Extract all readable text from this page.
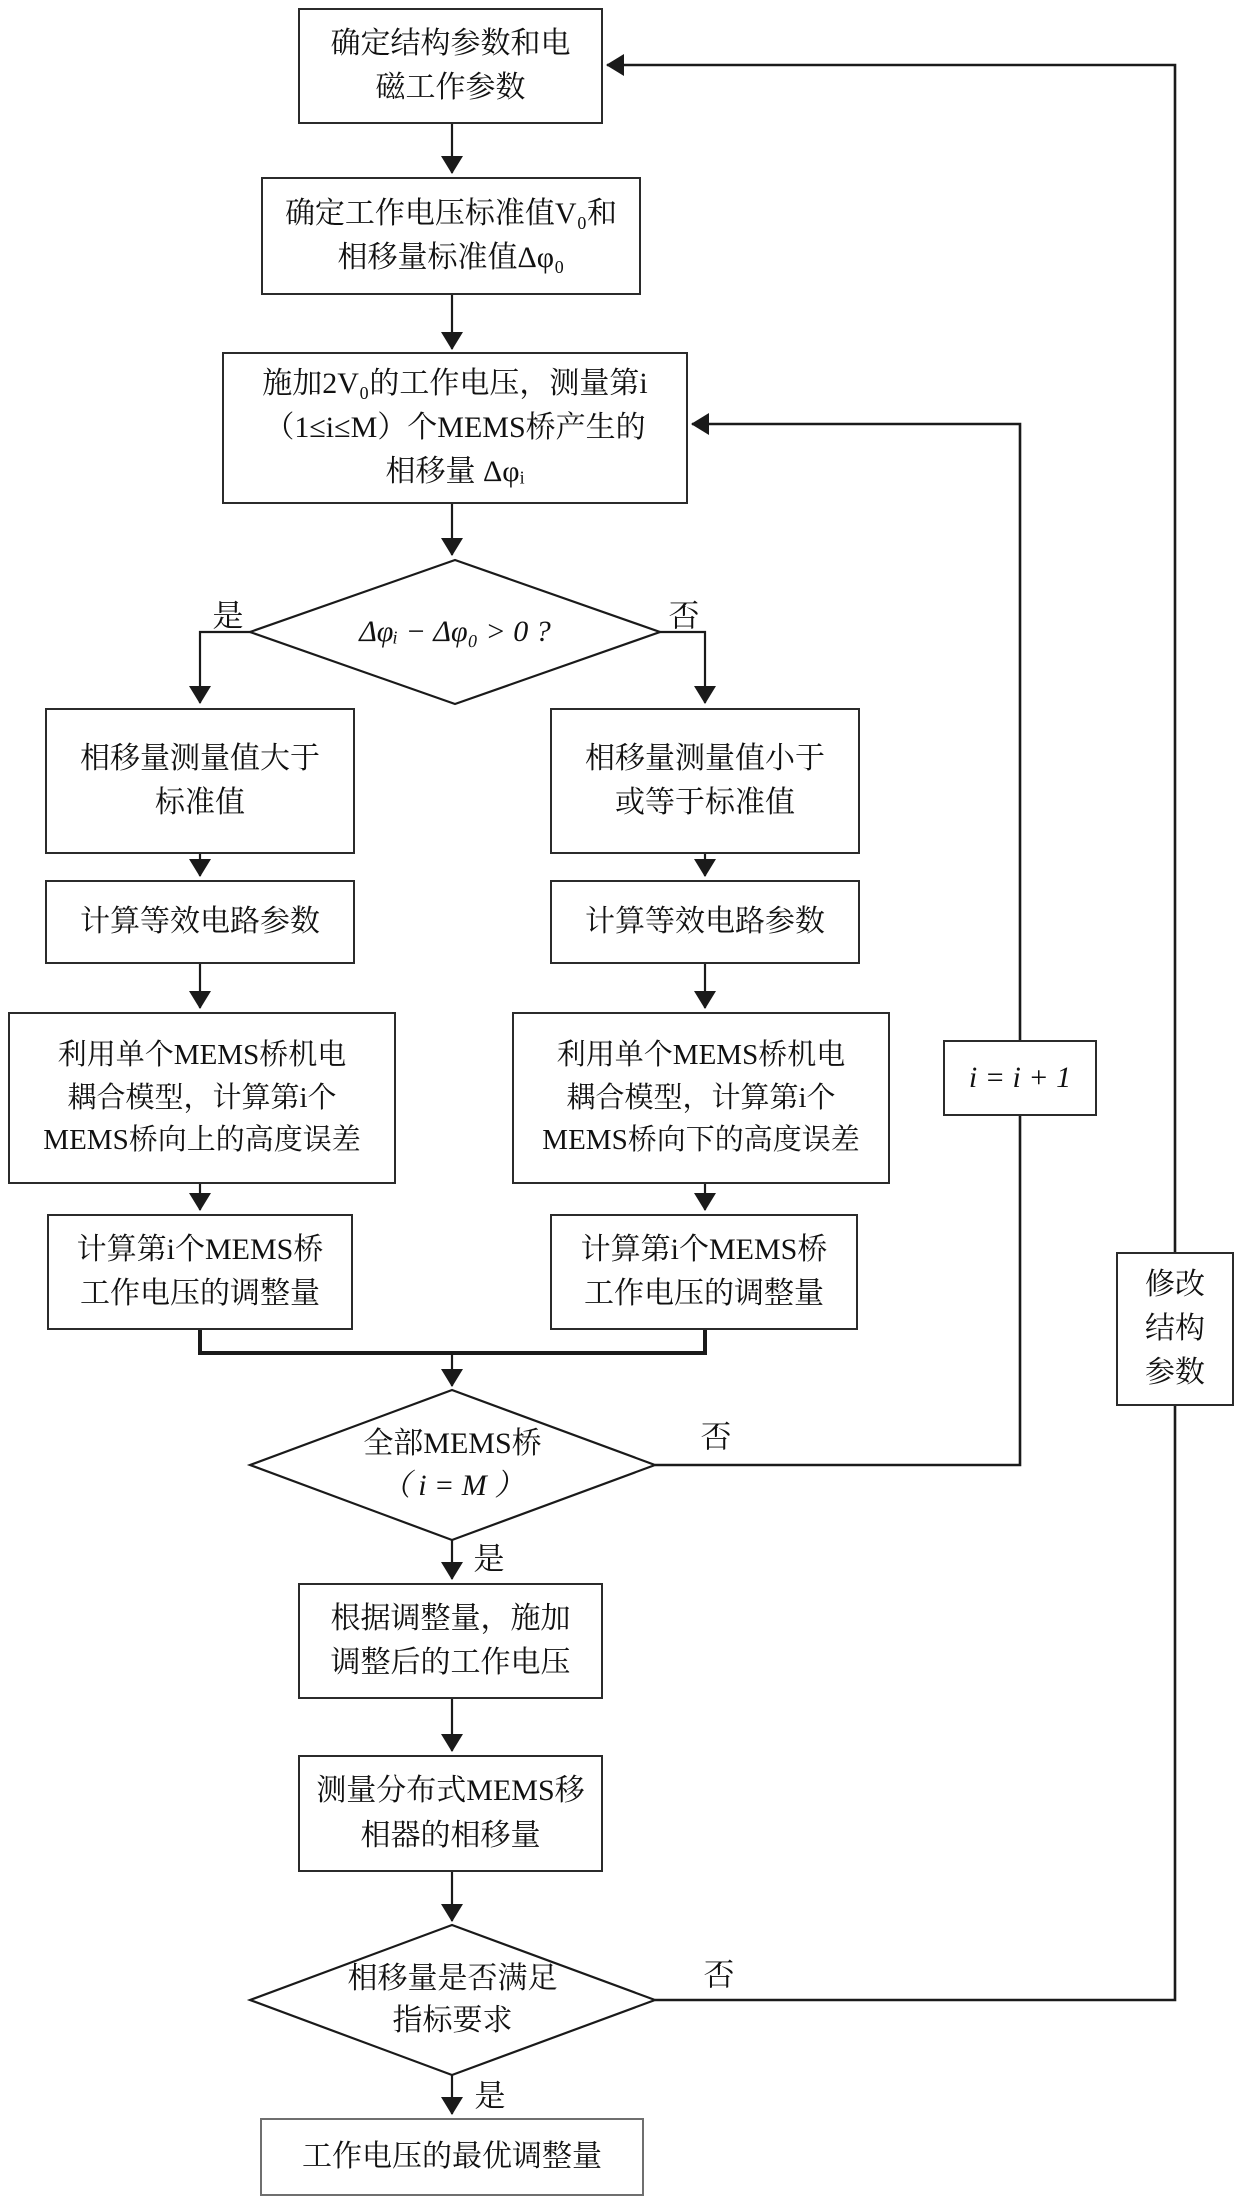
确定结构参数和电
磁工作参数
确定工作电压标准值V₀和
相移量标准值Δφ₀
施加2V₀的工作电压，测量第i
（1≤i≤M）个MEMS桥产生的
相移量 Δφᵢ
Δφᵢ − Δφ₀ > 0 ?
相移量测量值大于
标准值
计算等效电路参数
利用单个MEMS桥机电
耦合模型，计算第i个
MEMS桥向上的高度误差
计算第i个MEMS桥
工作电压的调整量
相移量测量值小于
或等于标准值
计算等效电路参数
利用单个MEMS桥机电
耦合模型，计算第i个
MEMS桥向下的高度误差
计算第i个MEMS桥
工作电压的调整量
i = i + 1
全部MEMS桥
（ i = M ）
根据调整量，施加
调整后的工作电压
测量分布式MEMS移
相器的相移量
相移量是否满足
指标要求
修改
结构
参数
工作电压的最优调整量
是	否
否
是
否
是
